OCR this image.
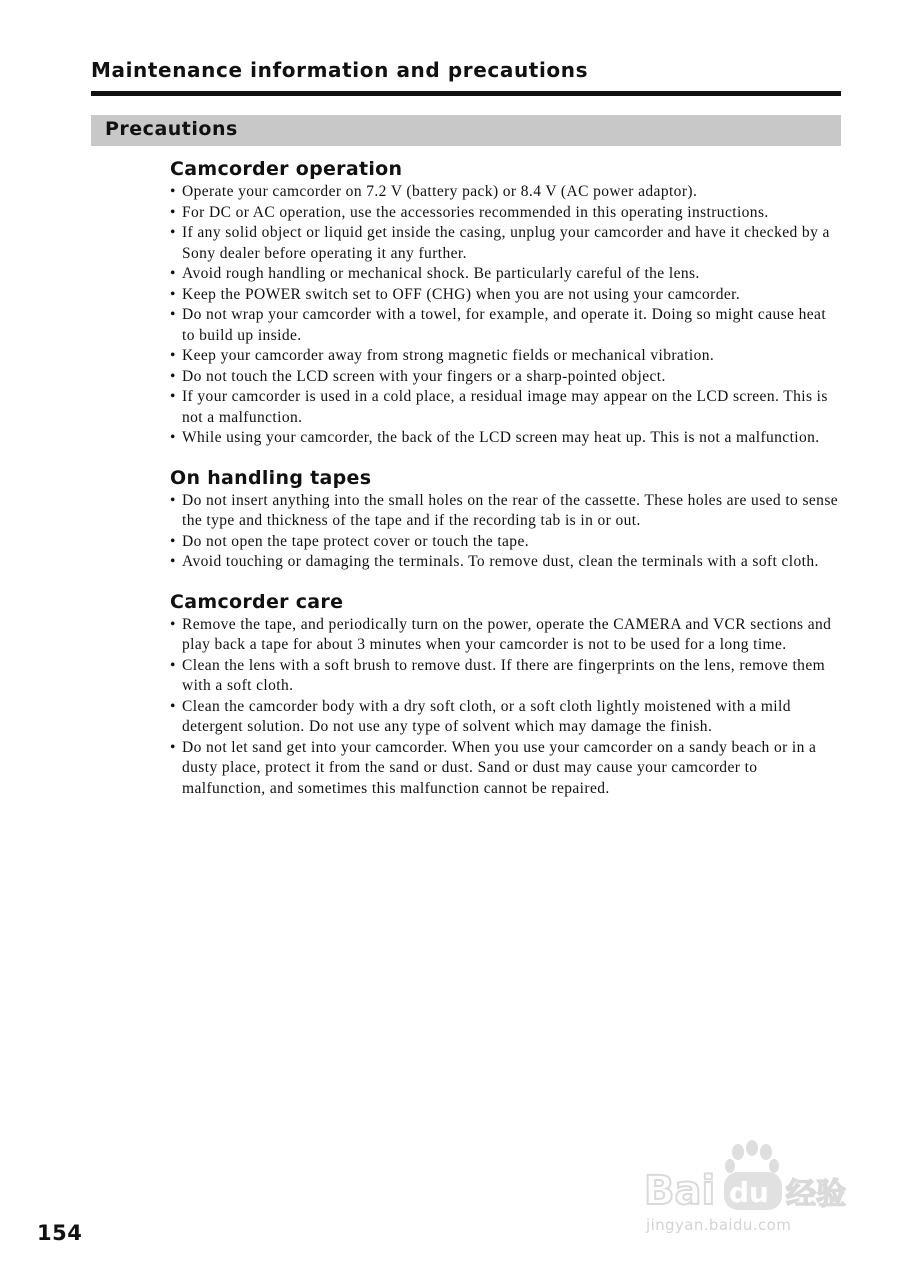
Maintenance information and precautions
Precautions
Camcorder operation
• Operate your camcorder on 7.2 V (battery pack) or 8.4 V (AC power adaptor).
• For DC or AC operation, use the accessories recommended in this operating instructions.
• If any solid object or liquid get inside the casing, unplug your camcorder and have it checked by a Sony dealer before operating it any further.
• Avoid rough handling or mechanical shock. Be particularly careful of the lens.
• Keep the POWER switch set to OFF (CHG) when you are not using your camcorder.
• Do not wrap your camcorder with a towel, for example, and operate it. Doing so might cause heat to build up inside.
• Keep your camcorder away from strong magnetic fields or mechanical vibration.
• Do not touch the LCD screen with your fingers or a sharp-pointed object.
• If your camcorder is used in a cold place, a residual image may appear on the LCD screen. This is not a malfunction.
• While using your camcorder, the back of the LCD screen may heat up. This is not a malfunction.
On handling tapes
• Do not insert anything into the small holes on the rear of the cassette. These holes are used to sense the type and thickness of the tape and if the recording tab is in or out.
• Do not open the tape protect cover or touch the tape.
• Avoid touching or damaging the terminals. To remove dust, clean the terminals with a soft cloth.
Camcorder care
• Remove the tape, and periodically turn on the power, operate the CAMERA and VCR sections and play back a tape for about 3 minutes when your camcorder is not to be used for a long time.
• Clean the lens with a soft brush to remove dust. If there are fingerprints on the lens, remove them with a soft cloth.
• Clean the camcorder body with a dry soft cloth, or a soft cloth lightly moistened with a mild detergent solution. Do not use any type of solvent which may damage the finish.
• Do not let sand get into your camcorder. When you use your camcorder on a sandy beach or in a dusty place, protect it from the sand or dust. Sand or dust may cause your camcorder to malfunction, and sometimes this malfunction cannot be repaired.
154
Bai du 经验
jingyan.baidu.com
